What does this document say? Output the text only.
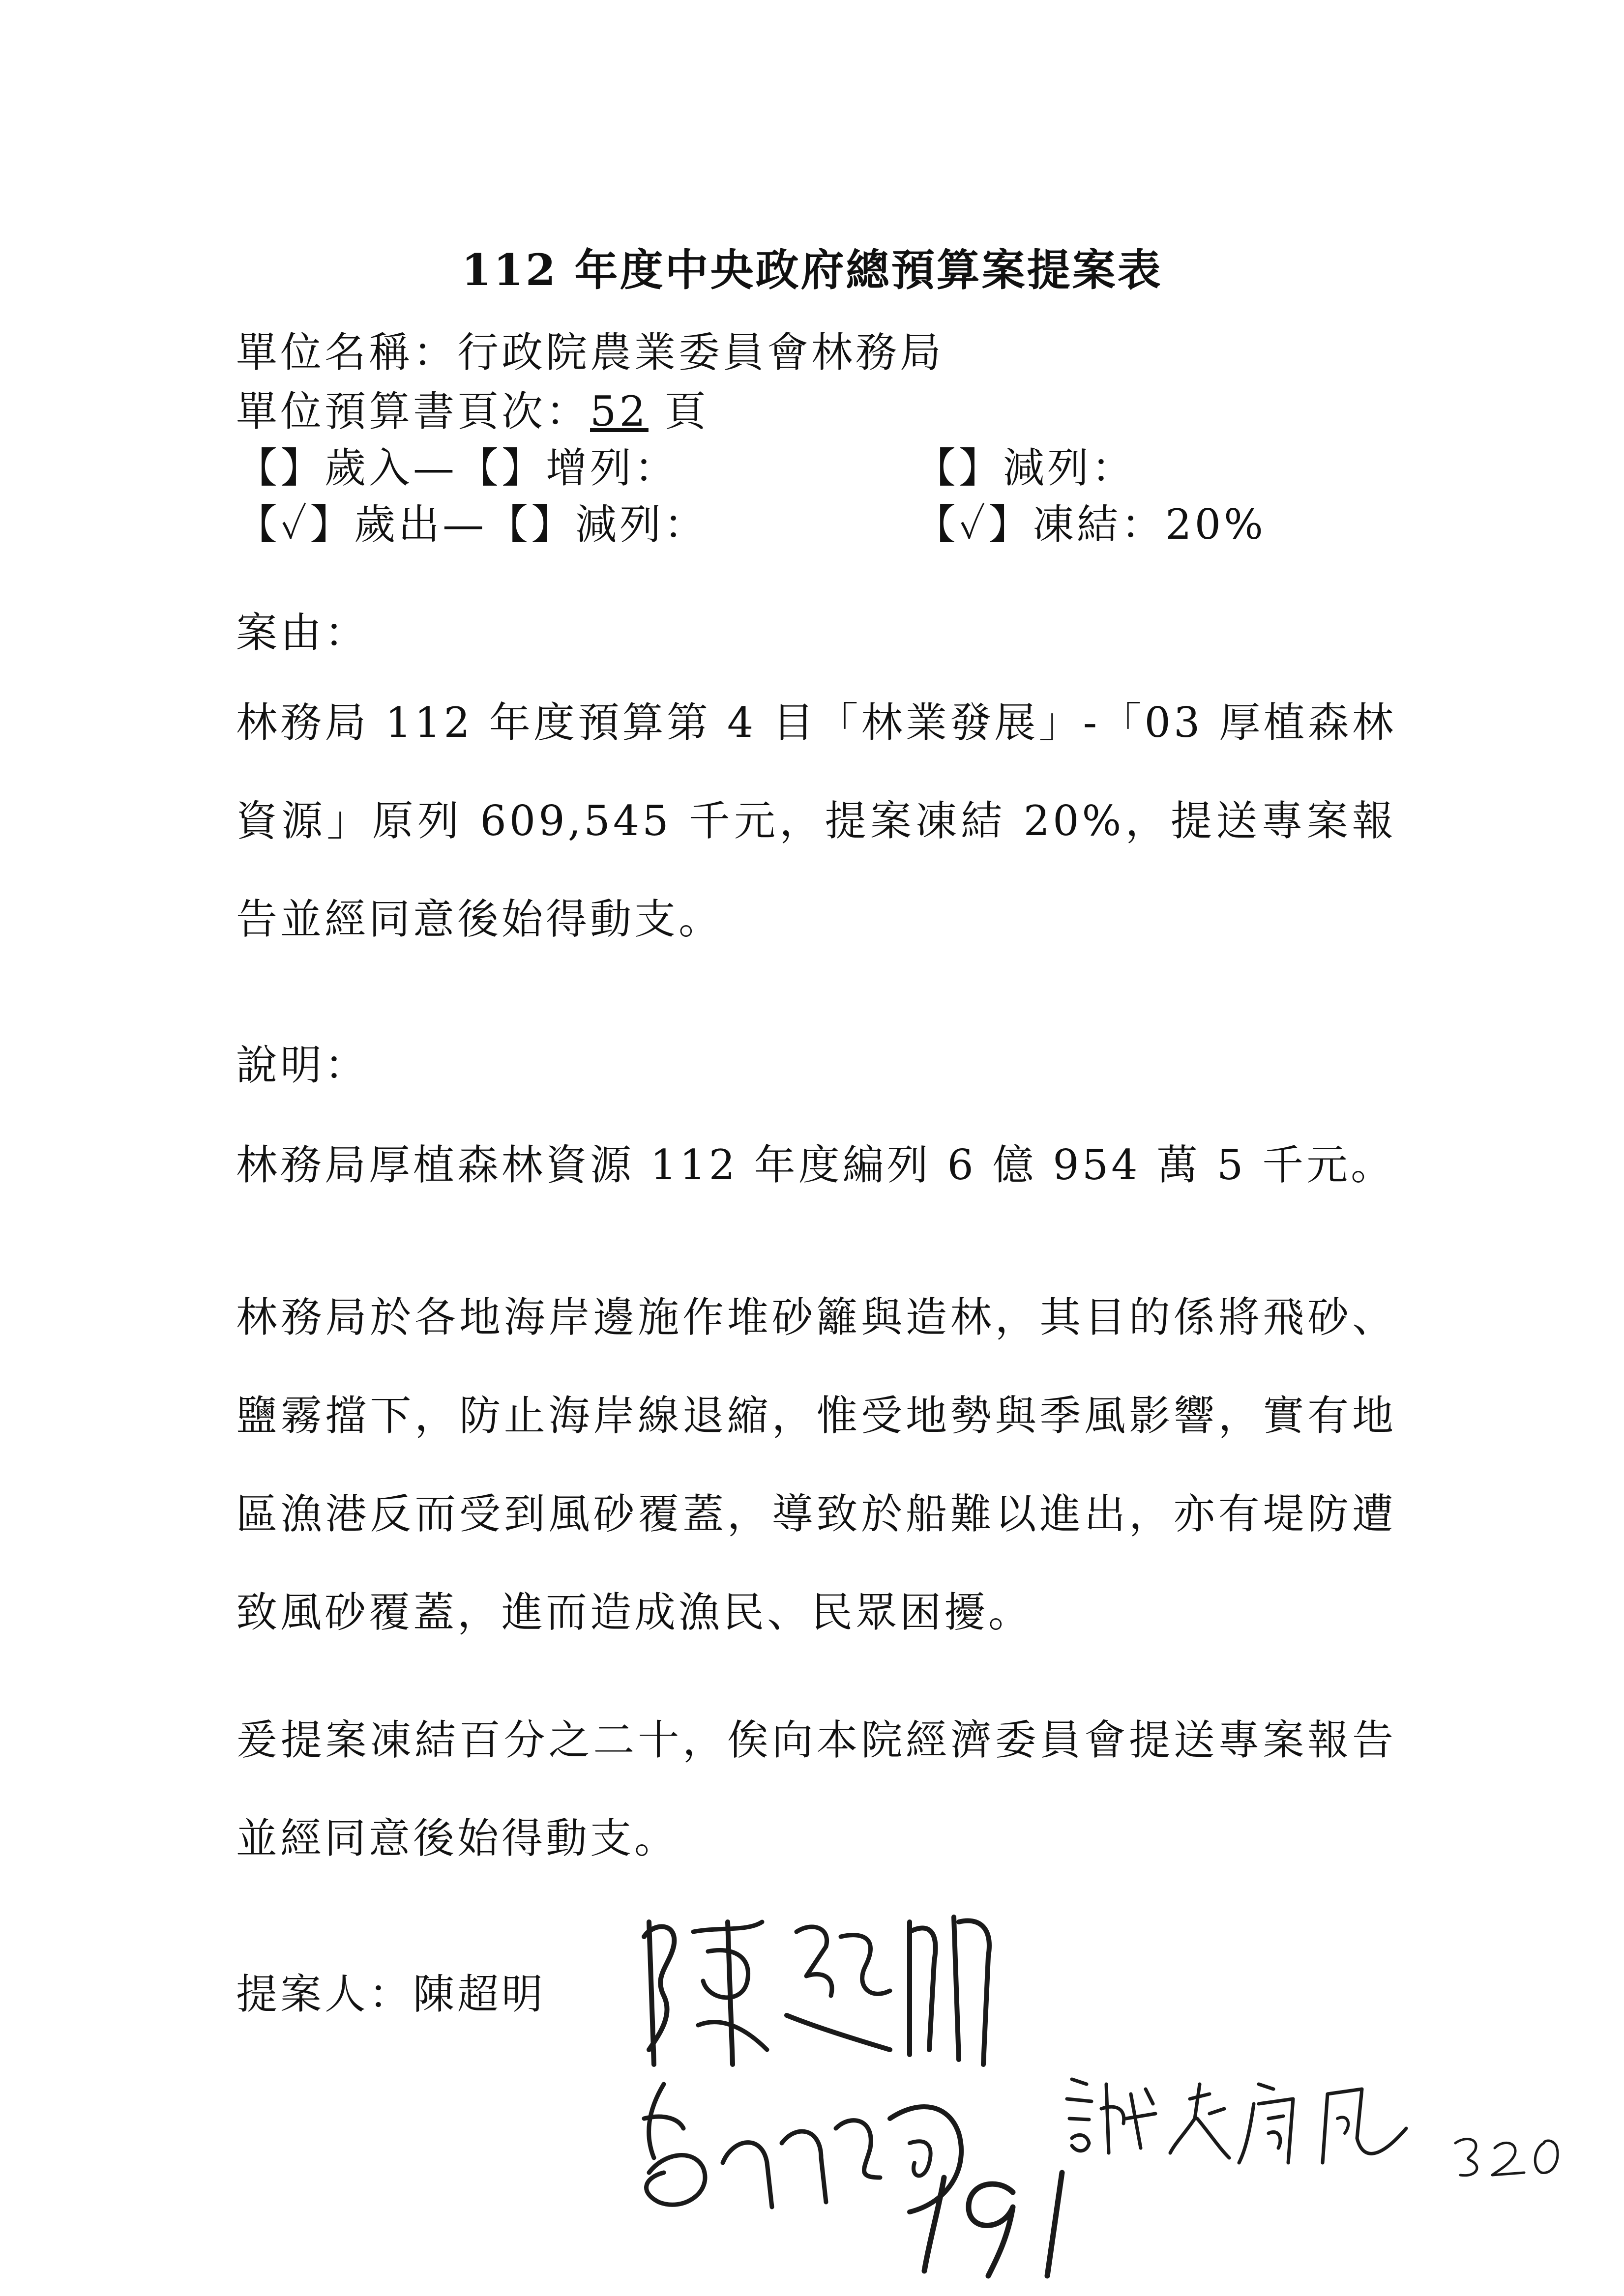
112 年度中央政府總預算案提案表
單位名稱：行政院農業委員會林務局
單位預算書頁次：52 頁
【】歲入—【】增列：	【】減列：
【✓】歲出—【】減列：	【✓】凍結：20%
案由：
林務局 112 年度預算第 4 目「林業發展」-「03 厚植森林資源」原列 609,545 千元，提案凍結 20%，提送專案報告並經同意後始得動支。
說明：
林務局厚植森林資源 112 年度編列 6 億 954 萬 5 千元。
林務局於各地海岸邊施作堆砂籬與造林，其目的係將飛砂、鹽霧擋下，防止海岸線退縮，惟受地勢與季風影響，實有地區漁港反而受到風砂覆蓋，導致於船難以進出，亦有堤防遭致風砂覆蓋，進而造成漁民、民眾困擾。
爰提案凍結百分之二十，俟向本院經濟委員會提送專案報告並經同意後始得動支。
提案人：陳超明
